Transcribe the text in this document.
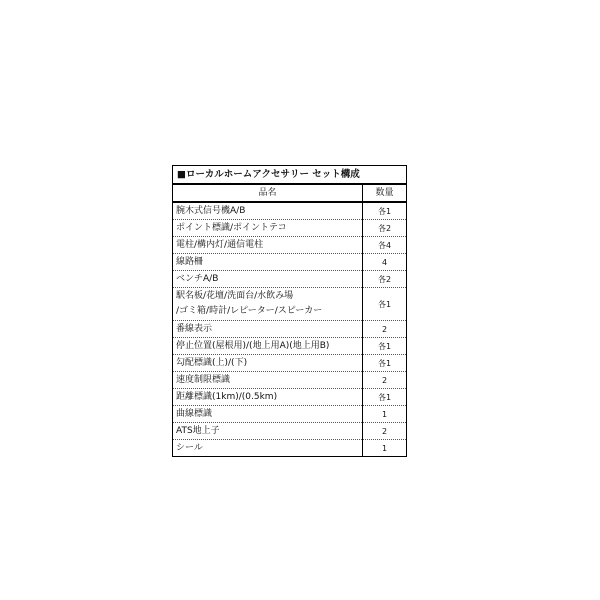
■ローカルホームアクセサリー セット構成	
品名	数量
腕木式信号機A/B	各1
ポイント標識/ポイントテコ	各2
電柱/構内灯/通信電柱	各4
線路柵	4
ベンチA/B	各2

駅名板/花壇/洗面台/水飲み場
/ゴミ箱/時計/レピーター/スピーカー	各1
番線表示	2
停止位置(屋根用)/(地上用A)(地上用B)	各1
勾配標識(上)/(下)	各1
速度制限標識	2
距離標識(1km)/(0.5km)	各1
曲線標識	1
ATS地上子	2
シール	1
